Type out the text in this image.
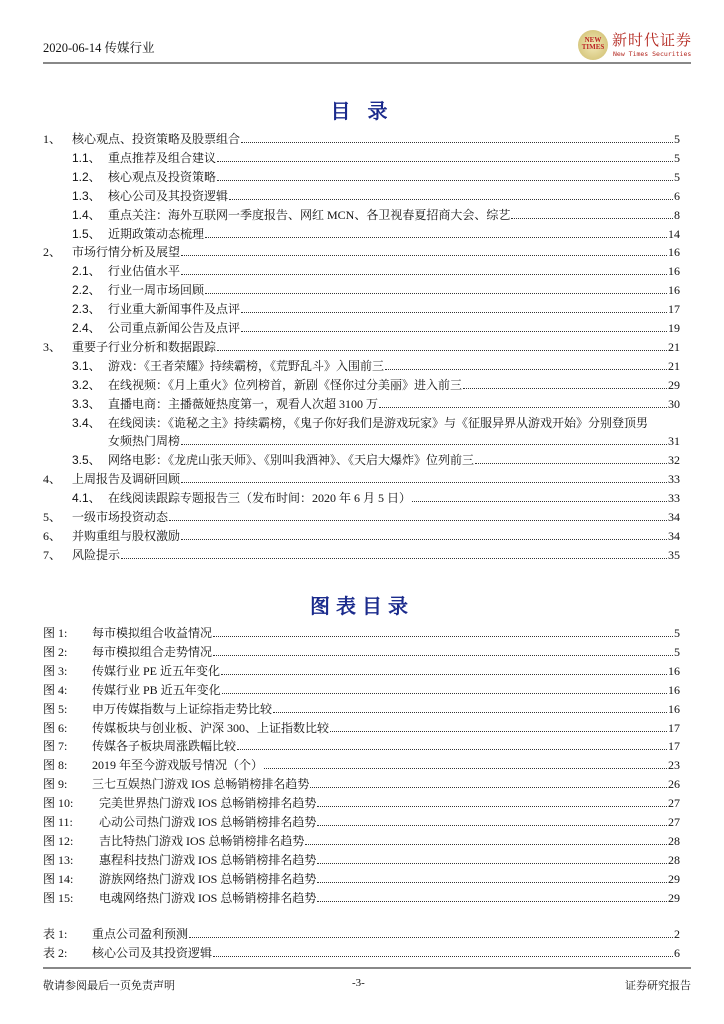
2020-06-14 传媒行业
NEW TIMES 新时代证券
New Times Securities
目 录
1、 核心观点、投资策略及股票组合	5
1.1、 重点推荐及组合建议	5
1.2、 核心观点及投资策略	5
1.3、 核心公司及其投资逻辑	6
1.4、 重点关注：海外互联网一季度报告、网红 MCN、各卫视春夏招商大会、综艺	8
1.5、 近期政策动态梳理	14
2、 市场行情分析及展望	16
2.1、 行业估值水平	16
2.2、 行业一周市场回顾	16
2.3、 行业重大新闻事件及点评	17
2.4、 公司重点新闻公告及点评	19
3、 重要子行业分析和数据跟踪	21
3.1、 游戏：《王者荣耀》持续霸榜，《荒野乱斗》入围前三	21
3.2、 在线视频：《月上重火》位列榜首，新剧《怪你过分美丽》进入前三	29
3.3、 直播电商：主播薇娅热度第一，观看人次超 3100 万	30
3.4、 在线阅读：《诡秘之主》持续霸榜，《鬼子你好我们是游戏玩家》与《征服异界从游戏开始》分别登顶男
女频热门周榜	31
3.5、 网络电影：《龙虎山张天师》、《别叫我酒神》、《天启大爆炸》位列前三	32
4、 上周报告及调研回顾	33
4.1、 在线阅读跟踪专题报告三（发布时间：2020 年 6 月 5 日）	33
5、 一级市场投资动态	34
6、 并购重组与股权激励	34
7、 风险提示	35
图表目录
图 1:	每市模拟组合收益情况	5
图 2:	每市模拟组合走势情况	5
图 3:	传媒行业 PE 近五年变化	16
图 4:	传媒行业 PB 近五年变化	16
图 5:	申万传媒指数与上证综指走势比较	16
图 6:	传媒板块与创业板、沪深 300、上证指数比较	17
图 7:	传媒各子板块周涨跌幅比较	17
图 8:	2019 年至今游戏版号情况（个）	23
图 9:	三七互娱热门游戏 IOS 总畅销榜排名趋势	26
图 10:	完美世界热门游戏 IOS 总畅销榜排名趋势	27
图 11:	心动公司热门游戏 IOS 总畅销榜排名趋势	27
图 12:	吉比特热门游戏 IOS 总畅销榜排名趋势	28
图 13:	惠程科技热门游戏 IOS 总畅销榜排名趋势	28
图 14:	游族网络热门游戏 IOS 总畅销榜排名趋势	29
图 15:	电魂网络热门游戏 IOS 总畅销榜排名趋势	29
表 1:	重点公司盈利预测	2
表 2:	核心公司及其投资逻辑	6
敬请参阅最后一页免责声明	-3-	证券研究报告
